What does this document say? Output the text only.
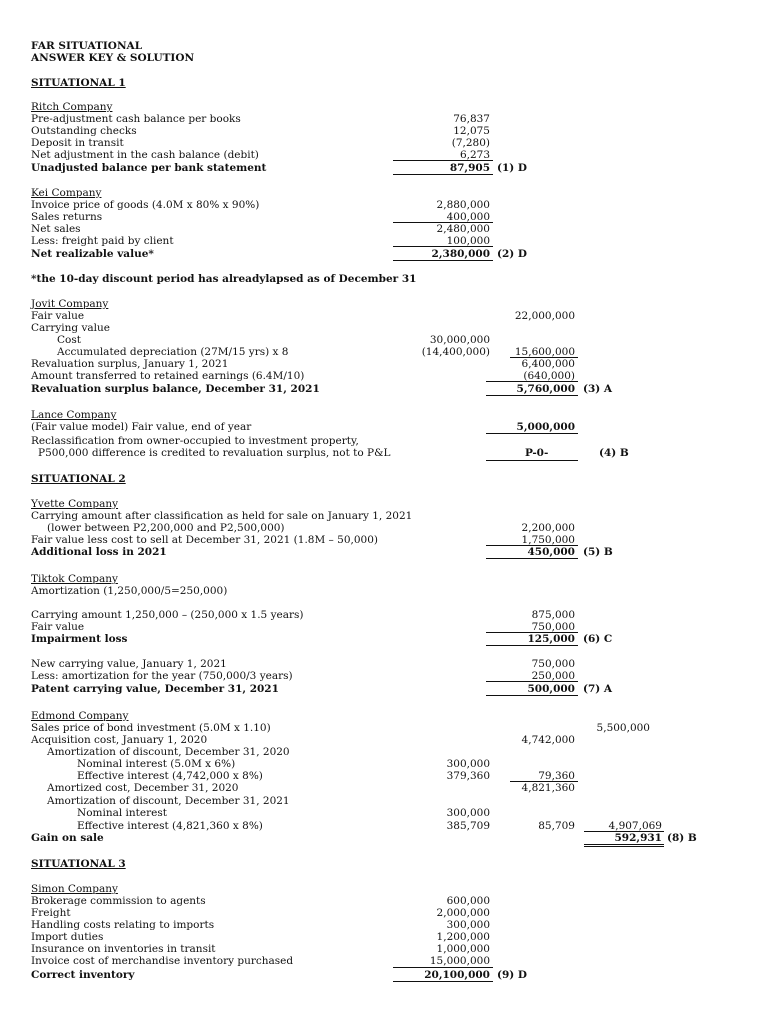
FAR SITUATIONAL
ANSWER KEY & SOLUTION
SITUATIONAL 1
Ritch Company
Pre-adjustment cash balance per books	76,837
Outstanding checks	12,075
Deposit in transit	(7,280)
Net adjustment in the cash balance (debit)	6,273
Unadjusted balance per bank statement	87,905 (1) D
Kei Company
Invoice price of goods (4.0M x 80% x 90%)	2,880,000
Sales returns	400,000
Net sales	2,480,000
Less: freight paid by client	100,000
Net realizable value*	2,380,000 (2) D
*the 10-day discount period has alreadylapsed as of December 31
Jovit Company
Fair value	22,000,000
Carrying value
Cost	30,000,000
Accumulated depreciation (27M/15 yrs) x 8	(14,400,000)	15,600,000
Revaluation surplus, January 1, 2021	6,400,000
Amount transferred to retained earnings (6.4M/10)	(640,000)
Revaluation surplus balance, December 31, 2021	5,760,000 (3) A
Lance Company
(Fair value model) Fair value, end of year	5,000,000
Reclassification from owner-occupied to investment property,
P500,000 difference is credited to revaluation surplus, not to P&L	P-0-	(4) B
SITUATIONAL 2
Yvette Company
Carrying amount after classification as held for sale on January 1, 2021
(lower between P2,200,000 and P2,500,000)	2,200,000
Fair value less cost to sell at December 31, 2021 (1.8M – 50,000)	1,750,000
Additional loss in 2021	450,000 (5) B
Tiktok Company
Amortization (1,250,000/5=250,000)
Carrying amount 1,250,000 – (250,000 x 1.5 years)	875,000
Fair value	750,000
Impairment loss	125,000 (6) C
New carrying value, January 1, 2021	750,000
Less: amortization for the year (750,000/3 years)	250,000
Patent carrying value, December 31, 2021	500,000 (7) A
Edmond Company
Sales price of bond investment (5.0M x 1.10)	5,500,000
Acquisition cost, January 1, 2020	4,742,000
Amortization of discount, December 31, 2020
Nominal interest (5.0M x 6%)	300,000
Effective interest (4,742,000 x 8%)	379,360	79,360
Amortized cost, December 31, 2020	4,821,360
Amortization of discount, December 31, 2021
Nominal interest	300,000
Effective interest (4,821,360 x 8%)	385,709	85,709	4,907,069
Gain on sale	592,931 (8) B
SITUATIONAL 3
Simon Company
Brokerage commission to agents	600,000
Freight	2,000,000
Handling costs relating to imports	300,000
Import duties	1,200,000
Insurance on inventories in transit	1,000,000
Invoice cost of merchandise inventory purchased	15,000,000
Correct inventory	20,100,000 (9) D
